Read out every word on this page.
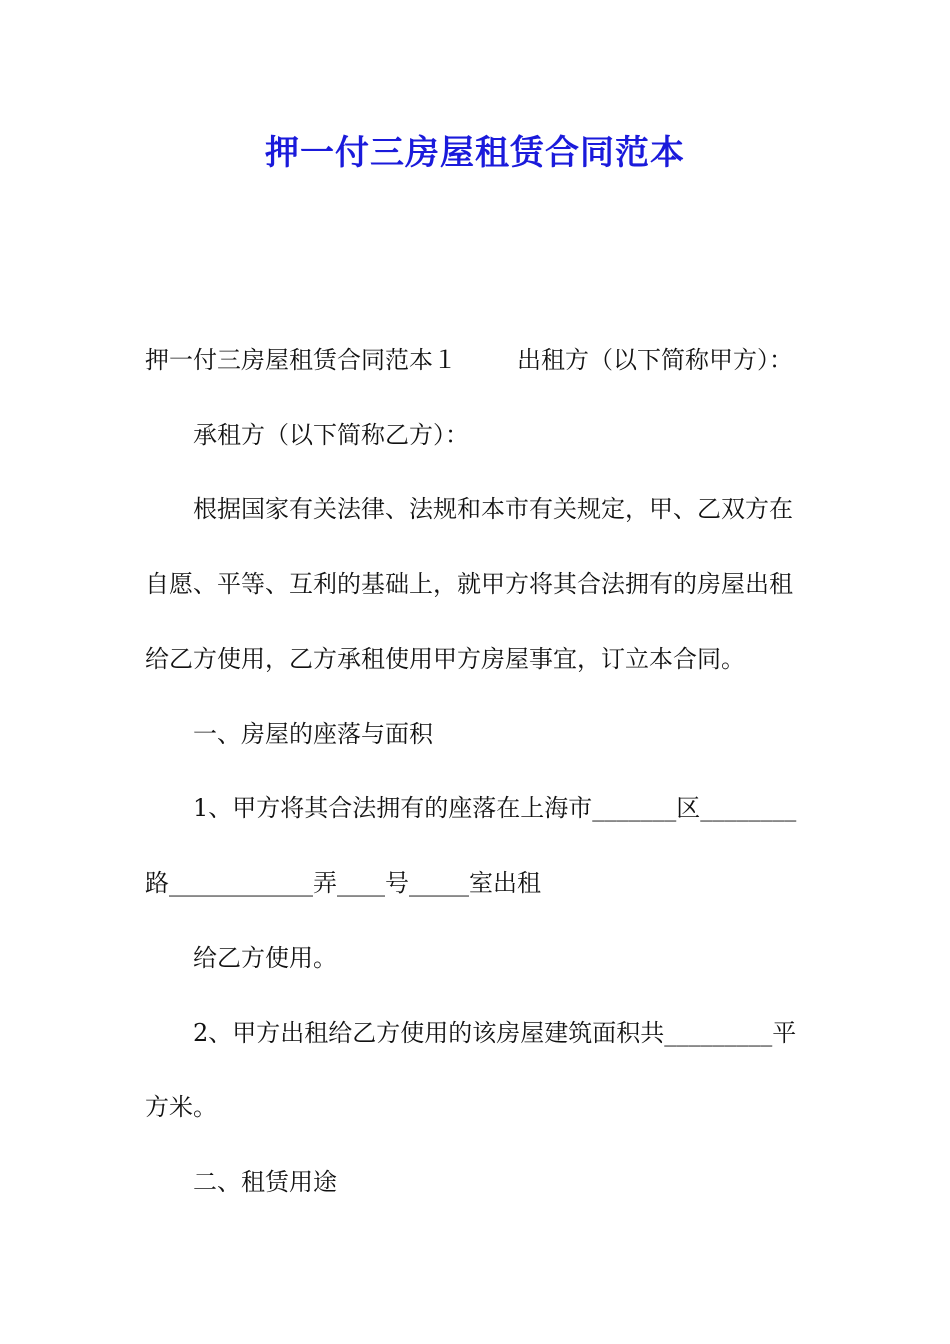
押一付三房屋租赁合同范本

押一付三房屋租赁合同范本１	出租方（以下简称甲方）：

承租方（以下简称乙方）：

根据国家有关法律、法规和本市有关规定，甲、乙双方在

自愿、平等、互利的基础上，就甲方将其合法拥有的房屋出租

给乙方使用，乙方承租使用甲方房屋事宜，订立本合同。

一、房屋的座落与面积

1、甲方将其合法拥有的座落在上海市_______区________

路____________弄____号_____室出租

给乙方使用。

2、甲方出租给乙方使用的该房屋建筑面积共_________平

方米。

二、租赁用途
